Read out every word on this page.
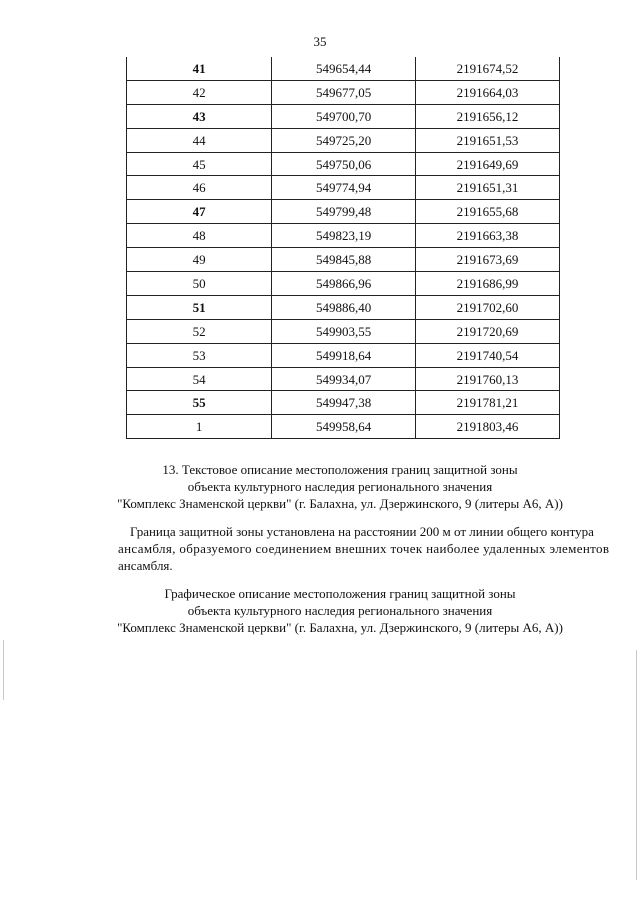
35
41	549654,44	2191674,52
42	549677,05	2191664,03
43	549700,70	2191656,12
44	549725,20	2191651,53
45	549750,06	2191649,69
46	549774,94	2191651,31
47	549799,48	2191655,68
48	549823,19	2191663,38
49	549845,88	2191673,69
50	549866,96	2191686,99
51	549886,40	2191702,60
52	549903,55	2191720,69
53	549918,64	2191740,54
54	549934,07	2191760,13
55	549947,38	2191781,21
1	549958,64	2191803,46
13. Текстовое описание местоположения границ защитной зоны
объекта культурного наследия регионального значения
"Комплекс Знаменской церкви" (г. Балахна, ул. Дзержинского, 9 (литеры А6, А))
Граница защитной зоны установлена на расстоянии 200 м от линии общего контура
ансамбля, образуемого соединением внешних точек наиболее удаленных элементов
ансамбля.
Графическое описание местоположения границ защитной зоны
объекта культурного наследия регионального значения
"Комплекс Знаменской церкви" (г. Балахна, ул. Дзержинского, 9 (литеры А6, А))
